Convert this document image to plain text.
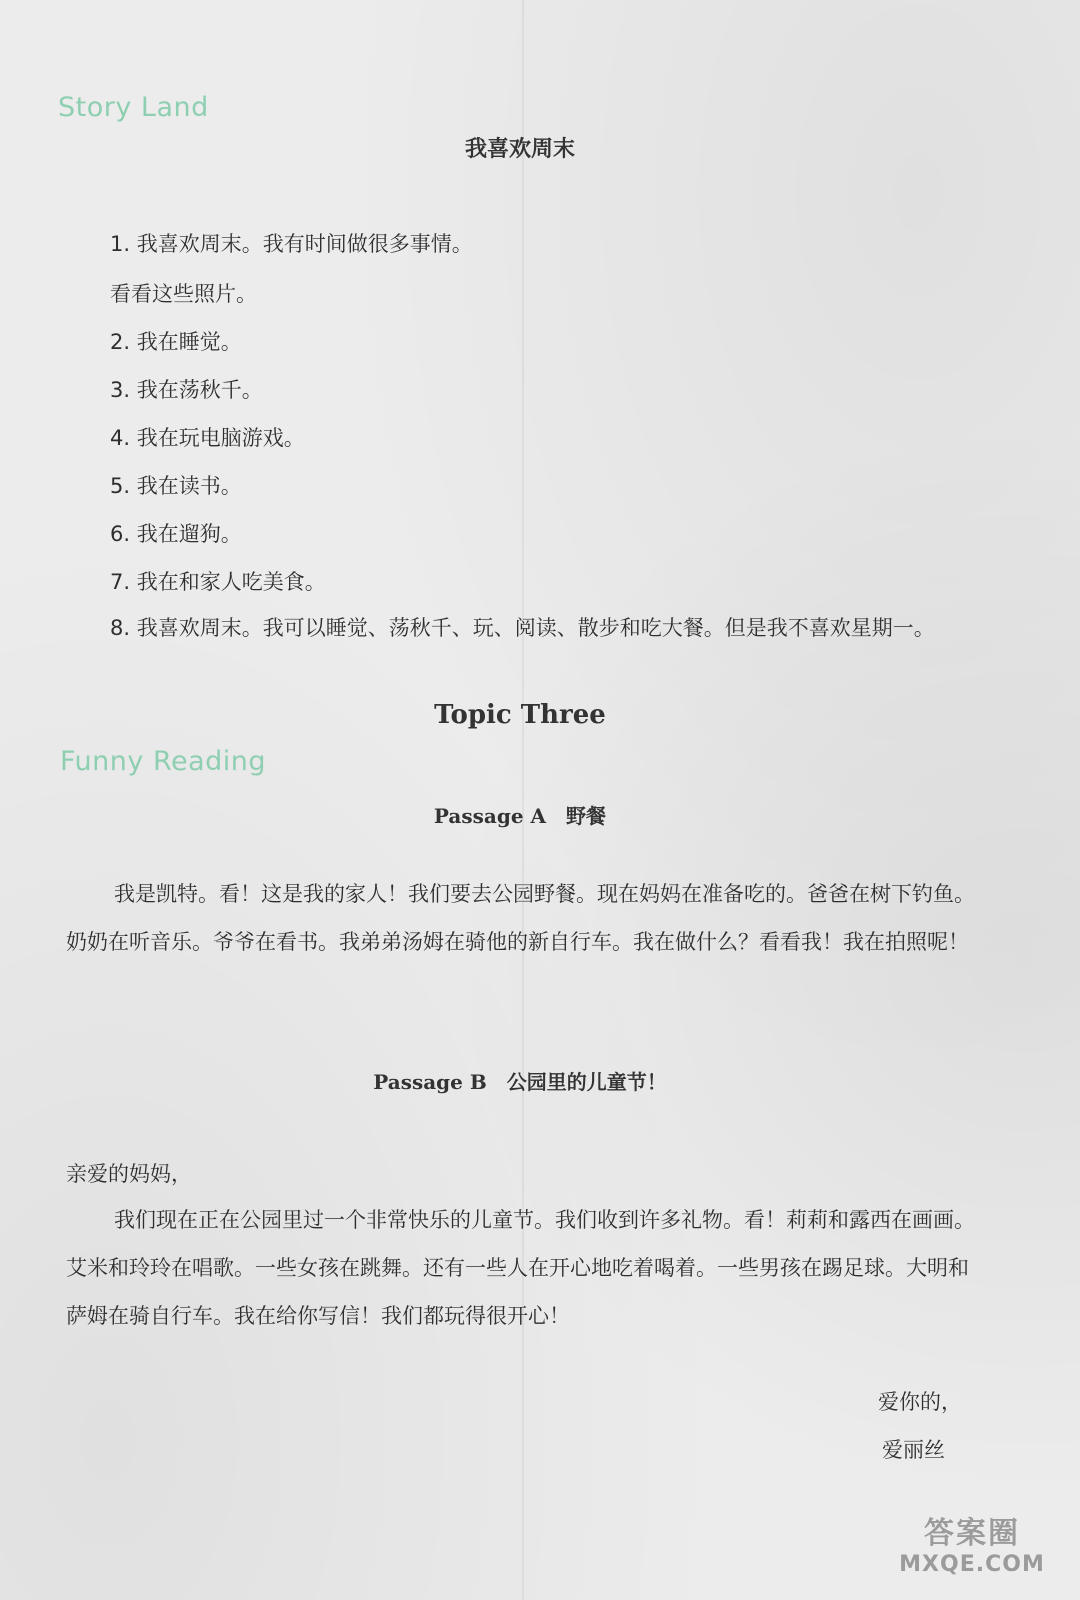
Story Land
我喜欢周末
1. 我喜欢周末。我有时间做很多事情。
看看这些照片。
2. 我在睡觉。
3. 我在荡秋千。
4. 我在玩电脑游戏。
5. 我在读书。
6. 我在遛狗。
7. 我在和家人吃美食。
8. 我喜欢周末。我可以睡觉、荡秋千、玩、阅读、散步和吃大餐。但是我不喜欢星期一。
Topic Three
Funny Reading
Passage A　野餐
我是凯特。看！这是我的家人！我们要去公园野餐。现在妈妈在准备吃的。爸爸在树下钓鱼。奶奶在听音乐。爷爷在看书。我弟弟汤姆在骑他的新自行车。我在做什么？看看我！我在拍照呢！
Passage B　公园里的儿童节！
亲爱的妈妈，
我们现在正在公园里过一个非常快乐的儿童节。我们收到许多礼物。看！莉莉和露西在画画。艾米和玲玲在唱歌。一些女孩在跳舞。还有一些人在开心地吃着喝着。一些男孩在踢足球。大明和萨姆在骑自行车。我在给你写信！我们都玩得很开心！
爱你的，
爱丽丝
答案圈
MXQE.COM
